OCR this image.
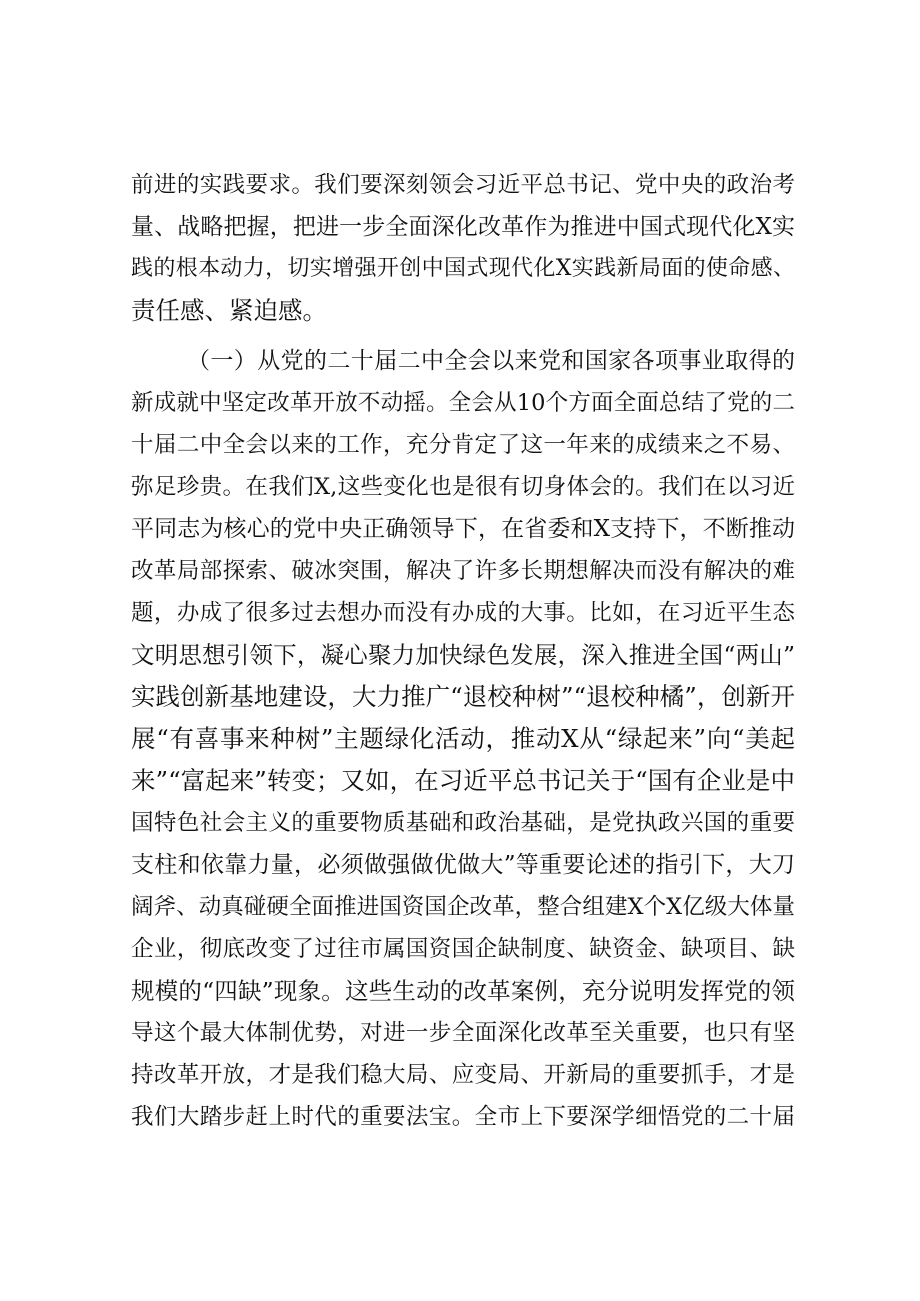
前进的实践要求。我们要深刻领会习近平总书记、党中央的政治考
量、战略把握，把进一步全面深化改革作为推进中国式现代化X实
践的根本动力，切实增强开创中国式现代化X实践新局面的使命感、
责任感、紧迫感。
（一）从党的二十届二中全会以来党和国家各项事业取得的
新成就中坚定改革开放不动摇。全会从10个方面全面总结了党的二
十届二中全会以来的工作，充分肯定了这一年来的成绩来之不易、
弥足珍贵。在我们X,这些变化也是很有切身体会的。我们在以习近
平同志为核心的党中央正确领导下，在省委和X支持下，不断推动
改革局部探索、破冰突围，解决了许多长期想解决而没有解决的难
题，办成了很多过去想办而没有办成的大事。比如，在习近平生态
文明思想引领下，凝心聚力加快绿色发展，深入推进全国“两山”
实践创新基地建设，大力推广“退校种树”“退校种橘”，创新开
展“有喜事来种树”主题绿化活动，推动X从“绿起来”向“美起
来”“富起来”转变；又如，在习近平总书记关于“国有企业是中
国特色社会主义的重要物质基础和政治基础，是党执政兴国的重要
支柱和依靠力量，必须做强做优做大”等重要论述的指引下，大刀
阔斧、动真碰硬全面推进国资国企改革，整合组建X个X亿级大体量
企业，彻底改变了过往市属国资国企缺制度、缺资金、缺项目、缺
规模的“四缺”现象。这些生动的改革案例，充分说明发挥党的领
导这个最大体制优势，对进一步全面深化改革至关重要，也只有坚
持改革开放，才是我们稳大局、应变局、开新局的重要抓手，才是
我们大踏步赶上时代的重要法宝。全市上下要深学细悟党的二十届
